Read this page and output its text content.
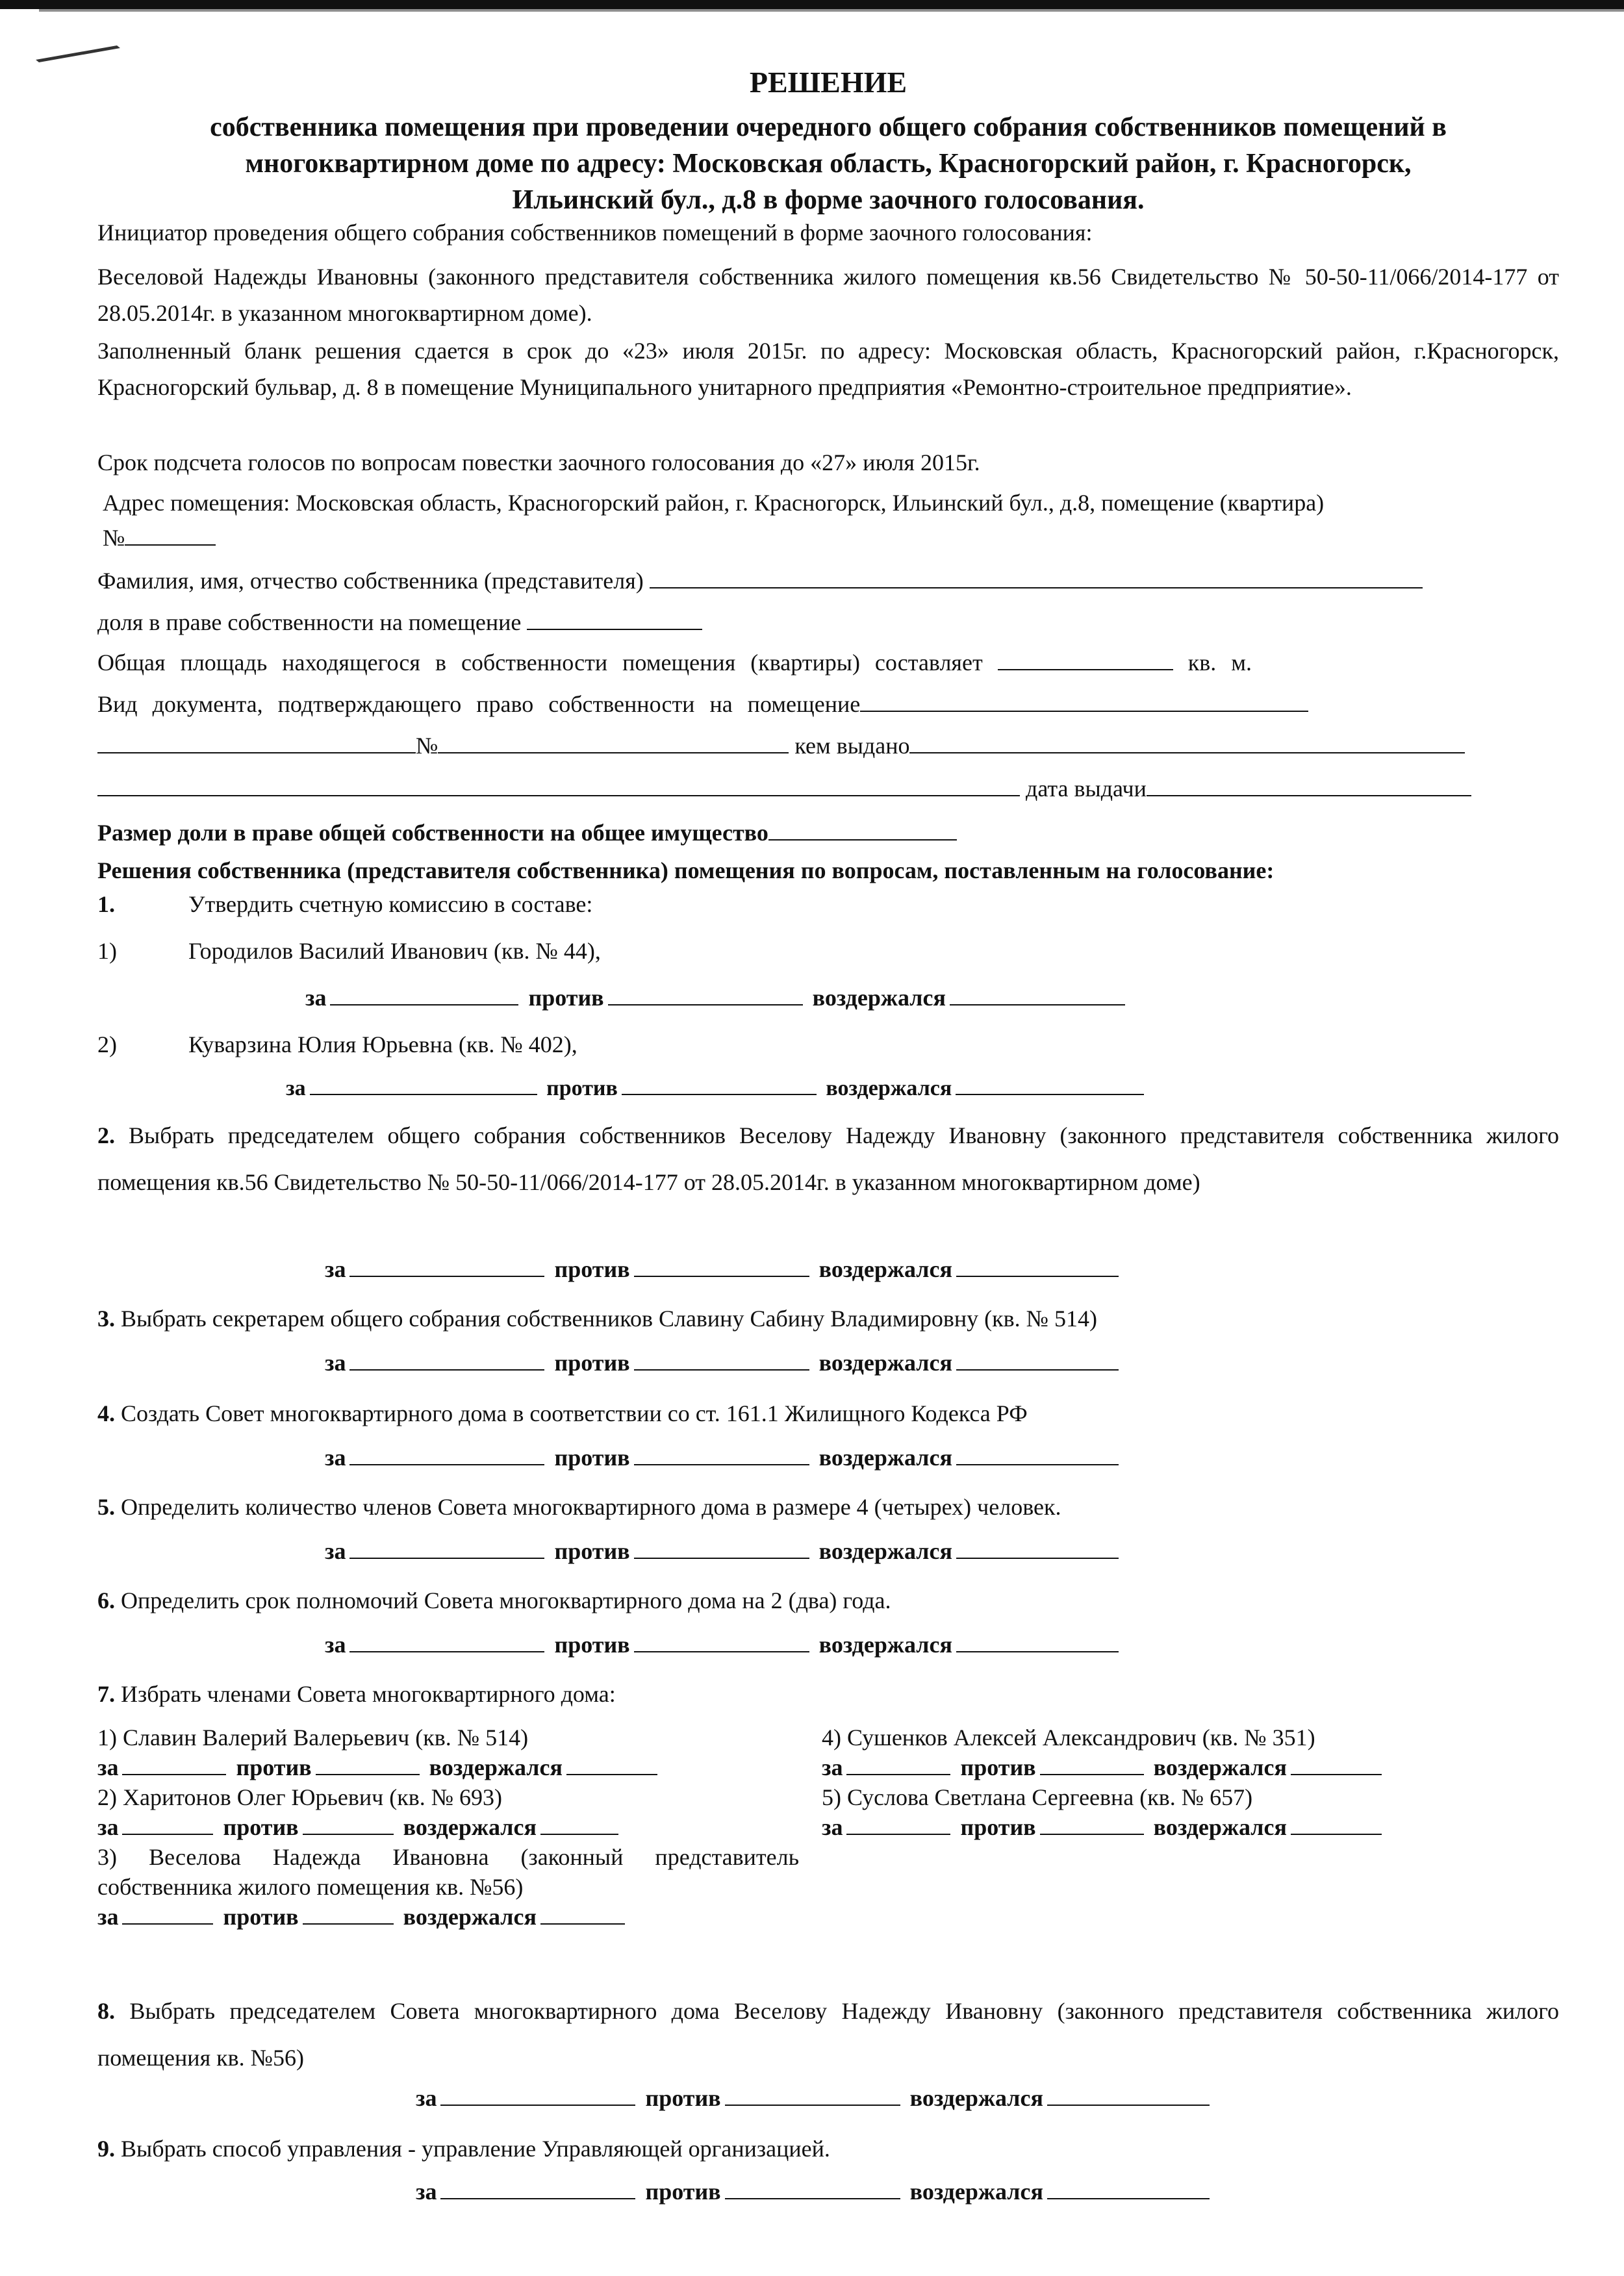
РЕШЕНИЕ
собственника помещения при проведении очередного общего собрания собственников помещений в
многоквартирном доме по адресу: Московская область, Красногорский район, г. Красногорск,
Ильинский бул., д.8 в форме заочного голосования.
Инициатор проведения общего собрания собственников помещений в форме заочного голосования:
Веселовой Надежды Ивановны (законного представителя собственника жилого помещения кв.56 Свидетельство № 50-50-11/066/2014-177 от 28.05.2014г. в указанном многоквартирном доме).
Заполненный бланк решения сдается в срок до «23» июля 2015г. по адресу: Московская область, Красногорский район, г.Красногорск, Красногорский бульвар, д. 8 в помещение Муниципального унитарного предприятия «Ремонтно-строительное предприятие».
Срок подсчета голосов по вопросам повестки заочного голосования до «27» июля 2015г.
Адрес помещения: Московская область, Красногорский район, г. Красногорск, Ильинский бул., д.8, помещение (квартира)
№
Фамилия, имя, отчество собственника (представителя)
доля в праве собственности на помещение
Общая площадь находящегося в собственности помещения (квартиры) составляет	кв. м.
Вид документа, подтверждающего право собственности на помещение
№	кем выдано
дата выдачи
Размер доли в праве общей собственности на общее имущество
Решения собственника (представителя собственника) помещения по вопросам, поставленным на голосование:
1.	Утвердить счетную комиссию в составе:
1)	Городилов Василий Иванович (кв. № 44),
за	против	воздержался
2)	Куварзина Юлия Юрьевна (кв. № 402),
за	против	воздержался
2. Выбрать председателем общего собрания собственников Веселову Надежду Ивановну (законного представителя собственника жилого помещения кв.56 Свидетельство № 50-50-11/066/2014-177 от 28.05.2014г. в указанном многоквартирном доме)
за	против	воздержался
3. Выбрать секретарем общего собрания собственников Славину Сабину Владимировну (кв. № 514)
за	против	воздержался
4. Создать Совет многоквартирного дома в соответствии со ст. 161.1 Жилищного Кодекса РФ
за	против	воздержался
5. Определить количество членов Совета многоквартирного дома в размере 4 (четырех) человек.
за	против	воздержался
6. Определить срок полномочий Совета многоквартирного дома на 2 (два) года.
за	против	воздержался
7. Избрать членами Совета многоквартирного дома:
1) Славин Валерий Валерьевич (кв. № 514)
за	против	воздержался
2) Харитонов Олег Юрьевич (кв. № 693)
за	против	воздержался
3) Веселова Надежда Ивановна (законный представитель собственника жилого помещения кв. №56)
за	против	воздержался
4) Сушенков Алексей Александрович (кв. № 351)
за	против	воздержался
5) Суслова Светлана Сергеевна (кв. № 657)
за	против	воздержался
8. Выбрать председателем Совета многоквартирного дома Веселову Надежду Ивановну (законного представителя собственника жилого помещения кв. №56)
за	против	воздержался
9. Выбрать способ управления - управление Управляющей организацией.
за	против	воздержался
